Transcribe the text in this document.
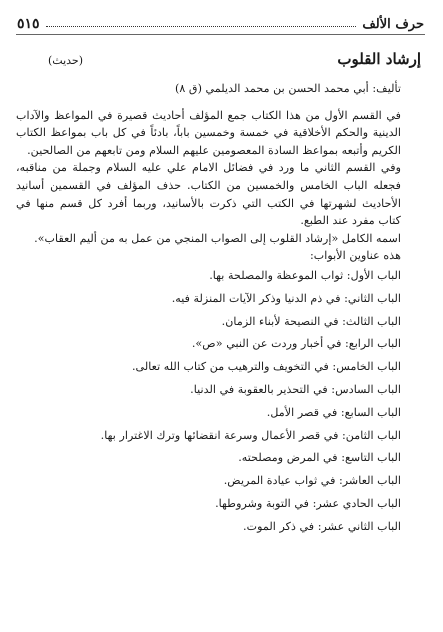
حرف الألف
٥١٥
إرشاد القلوب
(حديث)

تأليف: أبي محمد الحسن بن محمد الديلمي (ق ٨)

في القسم الأول من هذا الكتاب جمع المؤلف أحاديث قصيرة في المواعظ والآداب الدينية والحكم الأخلاقية في خمسة وخمسين باباً، بادئاً في كل باب بمواعظ الكتاب الكريم وأتبعه بمواعظ السادة المعصومين عليهم السلام ومن تابعهم من الصالحين.

وفي القسم الثاني ما ورد في فضائل الامام علي عليه السلام وجملة من مناقبه، فجعله الباب الخامس والخمسين من الكتاب. حذف المؤلف في القسمين أسانيد الأحاديث لشهرتها في الكتب التي ذكرت بالأسانيد، وربما أفرد كل قسم منها في كتاب مفرد عند الطبع.

اسمه الكامل «إرشاد القلوب إلى الصواب المنجي من عمل به من أليم العقاب».

هذه عناوين الأبواب:

الباب الأول: ثواب الموعظة والمصلحة بها.
الباب الثاني: في ذم الدنيا وذكر الآيات المنزلة فيه.
الباب الثالث: في النصيحة لأبناء الزمان.
الباب الرابع: في أخبار وردت عن النبي «ص».
الباب الخامس: في التخويف والترهيب من كتاب الله تعالى.
الباب السادس: في التحذير بالعقوبة في الدنيا.
الباب السابع: في قصر الأمل.
الباب الثامن: في قصر الأعمال وسرعة انقضائها وترك الاغترار بها.
الباب التاسع: في المرض ومصلحته.
الباب العاشر: في ثواب عيادة المريض.
الباب الحادي عشر: في التوبة وشروطها.
الباب الثاني عشر: في ذكر الموت.
